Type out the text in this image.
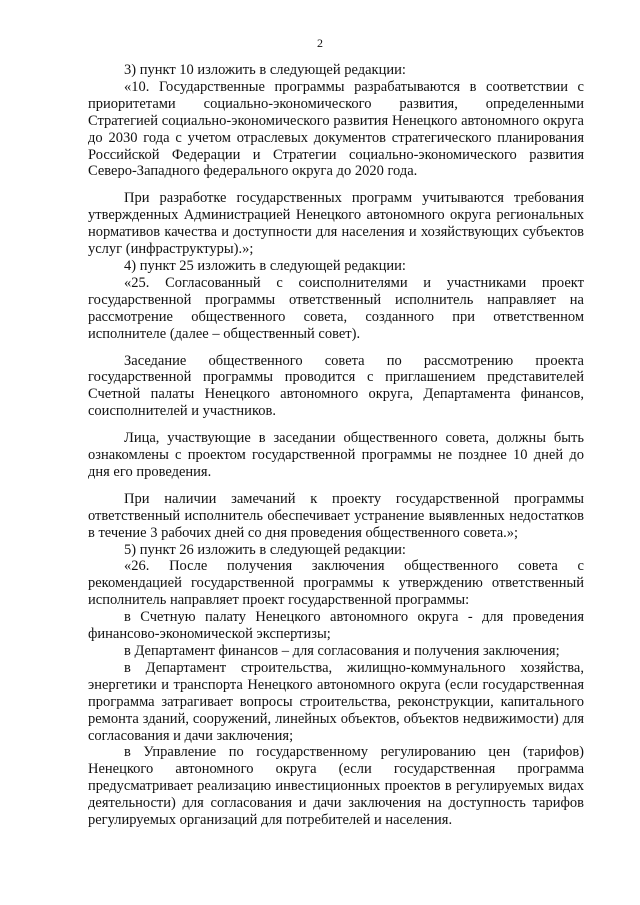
2

3) пункт 10 изложить в следующей редакции:

«10. Государственные программы разрабатываются в соответствии с приоритетами социально-экономического развития, определенными Стратегией социально-экономического развития Ненецкого автономного округа до 2030 года с учетом отраслевых документов стратегического планирования Российской Федерации и Стратегии социально-экономического развития Северо-Западного федерального округа до 2020 года.

При разработке государственных программ учитываются требования утвержденных Администрацией Ненецкого автономного округа региональных нормативов качества и доступности для населения и хозяйствующих субъектов услуг (инфраструктуры).»;

4) пункт 25 изложить в следующей редакции:

«25. Согласованный с соисполнителями и участниками проект государственной программы ответственный исполнитель направляет на рассмотрение общественного совета, созданного при ответственном исполнителе (далее – общественный совет).

Заседание общественного совета по рассмотрению проекта государственной программы проводится с приглашением представителей Счетной палаты Ненецкого автономного округа, Департамента финансов, соисполнителей и участников.

Лица, участвующие в заседании общественного совета, должны быть ознакомлены с проектом государственной программы не позднее 10 дней до дня его проведения.

При наличии замечаний к проекту государственной программы ответственный исполнитель обеспечивает устранение выявленных недостатков в течение 3 рабочих дней со дня проведения общественного совета.»;

5) пункт 26 изложить в следующей редакции:

«26. После получения заключения общественного совета с рекомендацией государственной программы к утверждению ответственный исполнитель направляет проект государственной программы:

в Счетную палату Ненецкого автономного округа - для проведения финансово-экономической экспертизы;

в Департамент финансов – для согласования и получения заключения;

в Департамент строительства, жилищно-коммунального хозяйства, энергетики и транспорта Ненецкого автономного округа (если государственная программа затрагивает вопросы строительства, реконструкции, капитального ремонта зданий, сооружений, линейных объектов, объектов недвижимости) для согласования и дачи заключения;

в Управление по государственному регулированию цен (тарифов) Ненецкого автономного округа (если государственная программа предусматривает реализацию инвестиционных проектов в регулируемых видах деятельности) для согласования и дачи заключения на доступность тарифов регулируемых организаций для потребителей и населения.
